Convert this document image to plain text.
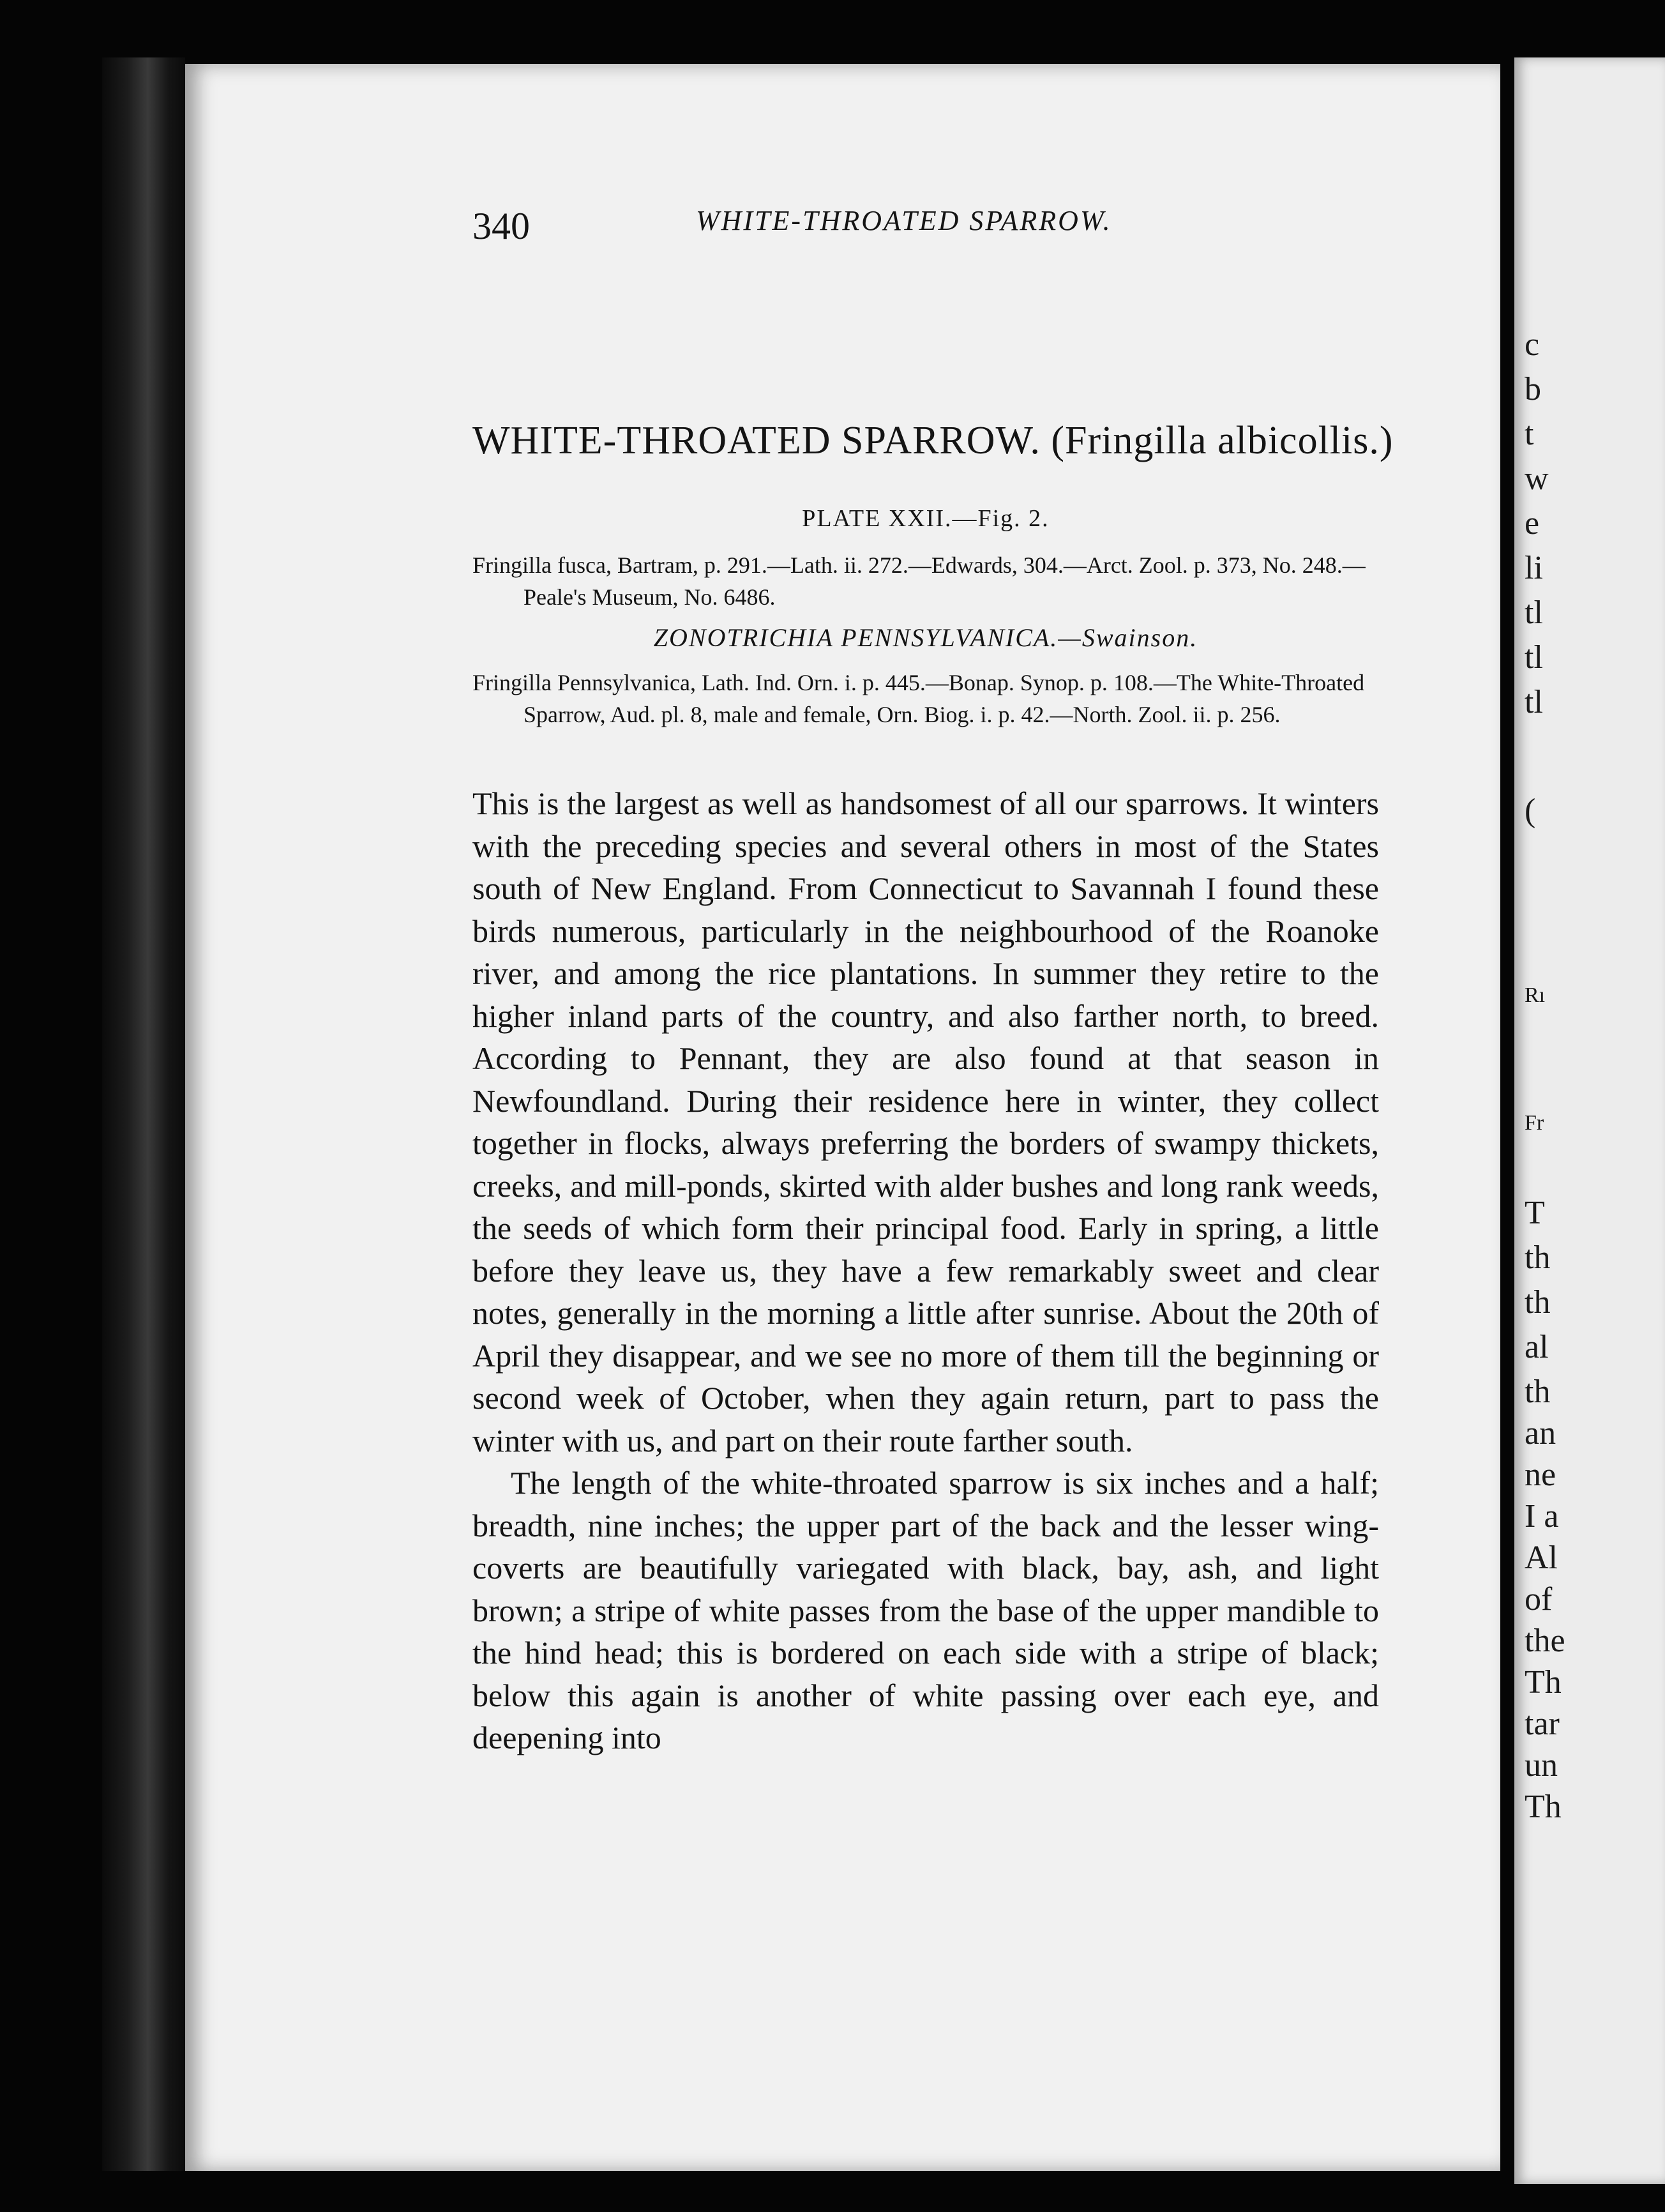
c
b
t
w
e
li
tl
tl
tl
(
Rı
Fr
T
th
th
al
th
an
ne
I a
Al
of
the
Th
tar
un
Th
340	WHITE-THROATED SPARROW.
WHITE-THROATED SPARROW. (Fringilla albicollis.)
PLATE XXII.—Fig. 2.

Fringilla fusca, Bartram, p. 291.—Lath. ii. 272.—Edwards, 304.—Arct. Zool. p. 373, No. 248.—Peale's Museum, No. 6486.

ZONOTRICHIA PENNSYLVANICA.—Swainson.

Fringilla Pennsylvanica, Lath. Ind. Orn. i. p. 445.—Bonap. Synop. p. 108.—The White-Throated Sparrow, Aud. pl. 8, male and female, Orn. Biog. i. p. 42.—North. Zool. ii. p. 256.

This is the largest as well as handsomest of all our sparrows. It winters with the preceding species and several others in most of the States south of New England. From Connecticut to Savannah I found these birds numerous, particularly in the neighbourhood of the Roanoke river, and among the rice plantations. In summer they retire to the higher inland parts of the country, and also farther north, to breed. According to Pennant, they are also found at that season in Newfoundland. During their residence here in winter, they collect together in flocks, always preferring the borders of swampy thickets, creeks, and mill-ponds, skirted with alder bushes and long rank weeds, the seeds of which form their principal food. Early in spring, a little before they leave us, they have a few remarkably sweet and clear notes, generally in the morning a little after sunrise. About the 20th of April they disappear, and we see no more of them till the beginning or second week of October, when they again return, part to pass the winter with us, and part on their route farther south.

The length of the white-throated sparrow is six inches and a half; breadth, nine inches; the upper part of the back and the lesser wing-coverts are beautifully variegated with black, bay, ash, and light brown; a stripe of white passes from the base of the upper mandible to the hind head; this is bordered on each side with a stripe of black; below this again is another of white passing over each eye, and deepening into
